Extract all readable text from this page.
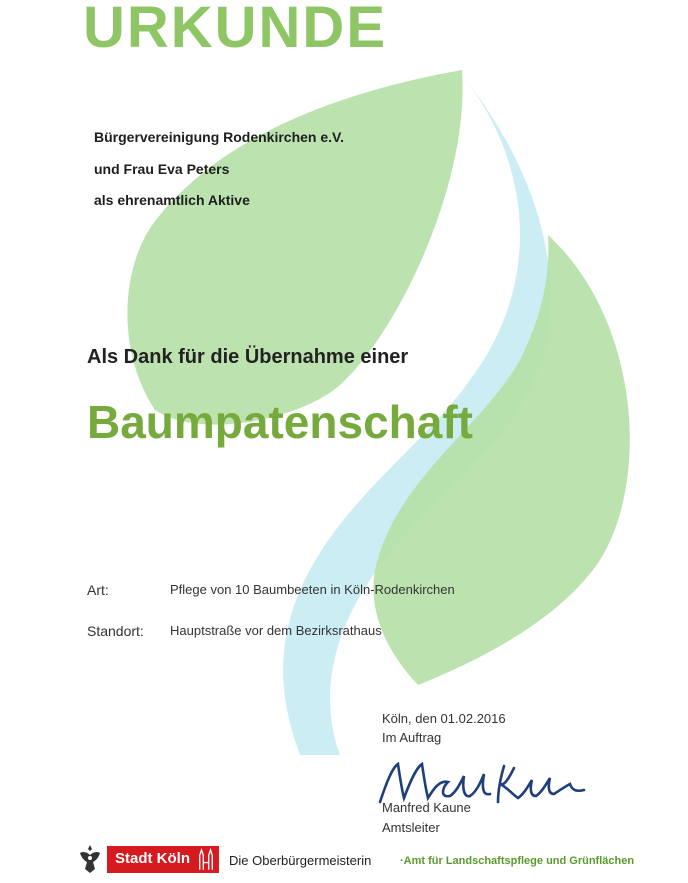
URKUNDE
Bürgervereinigung Rodenkirchen e.V.
und Frau Eva Peters
als ehrenamtlich Aktive
Als Dank für die Übernahme einer
Baumpatenschaft
Art:	Pflege von 10 Baumbeeten in Köln-Rodenkirchen
Standort: Hauptstraße vor dem Bezirksrathaus
Köln, den 01.02.2016
Im Auftrag
Manfred Kaune
Amtsleiter
Stadt Köln	Die Oberbürgermeisterin	·Amt für Landschaftspflege und Grünflächen
